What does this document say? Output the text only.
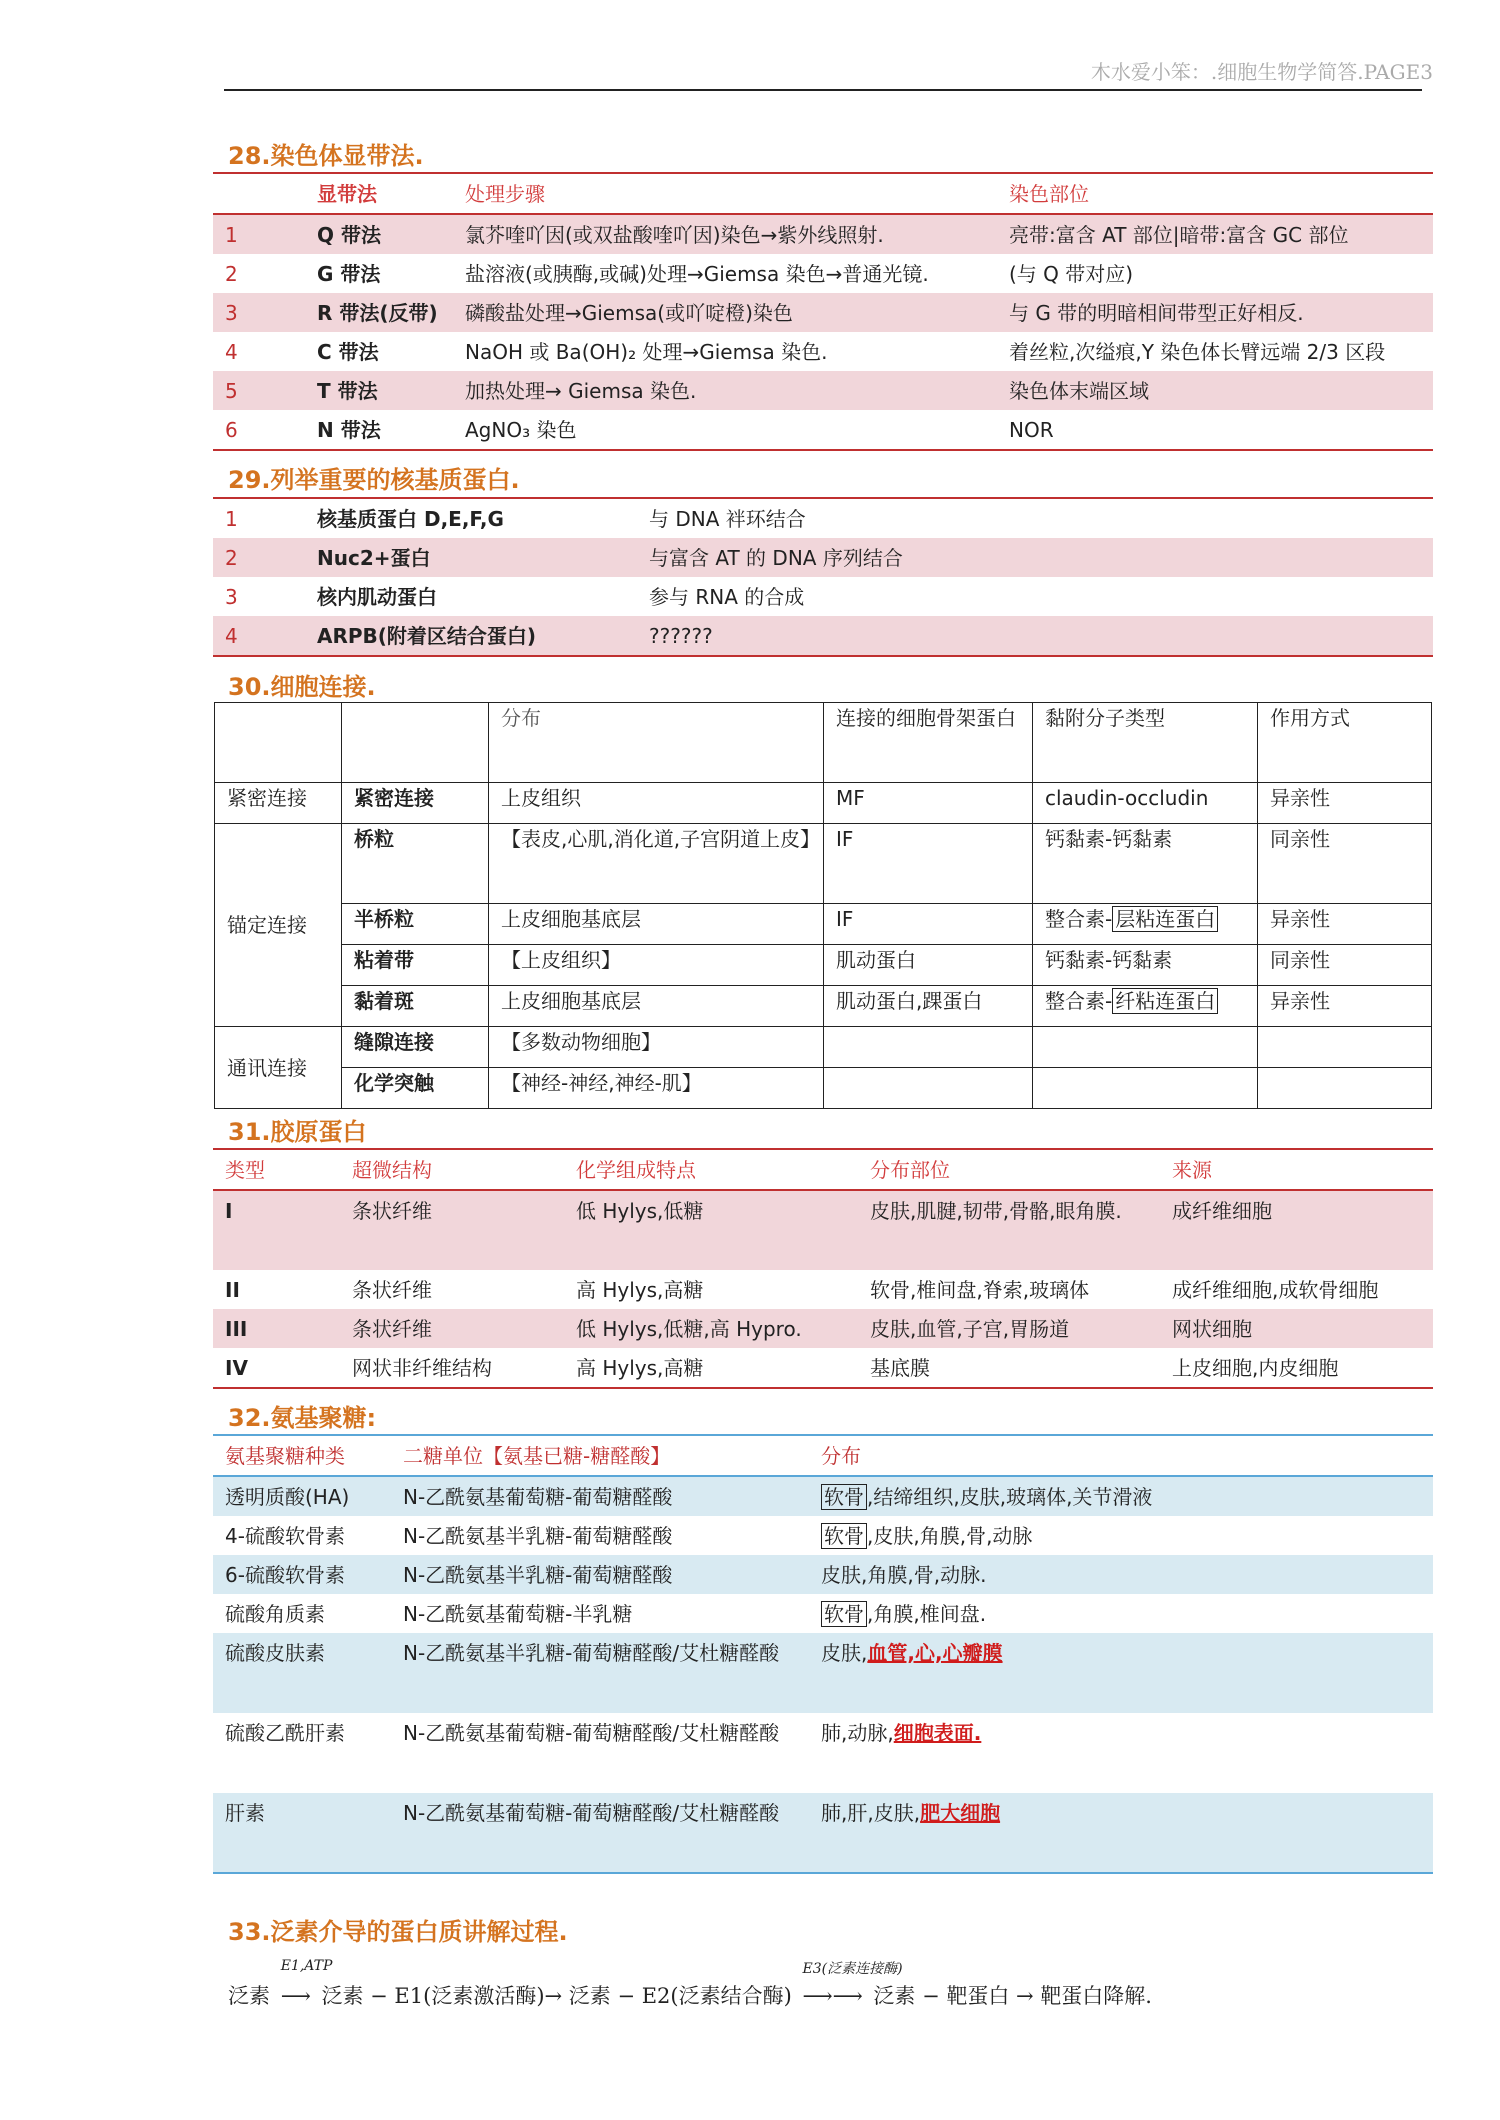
木水爱小笨：.细胞生物学简答.PAGE3
28.染色体显带法.
	显带法	处理步骤	染色部位
1	Q 带法	氯芥喹吖因(或双盐酸喹吖因)染色→紫外线照射.	亮带:富含 AT 部位|暗带:富含 GC 部位
2	G 带法	盐溶液(或胰酶,或碱)处理→Giemsa 染色→普通光镜.	(与 Q 带对应)
3	R 带法(反带)	磷酸盐处理→Giemsa(或吖啶橙)染色	与 G 带的明暗相间带型正好相反.
4	C 带法	NaOH 或 Ba(OH)₂ 处理→Giemsa 染色.	着丝粒,次缢痕,Y 染色体长臂远端 2/3 区段
5	T 带法	加热处理→ Giemsa 染色.	染色体末端区域
6	N 带法	AgNO₃ 染色	NOR
29.列举重要的核基质蛋白.
1	核基质蛋白 D,E,F,G	与 DNA 袢环结合
2	Nuc2+蛋白	与富含 AT 的 DNA 序列结合
3	核内肌动蛋白	参与 RNA 的合成
4	ARPB(附着区结合蛋白)	??????
30.细胞连接.
		分布	连接的细胞骨架蛋白	黏附分子类型	作用方式
紧密连接	紧密连接	上皮组织	MF	claudin-occludin	异亲性
锚定连接	桥粒	【表皮,心肌,消化道,子宫阴道上皮】	IF	钙黏素-钙黏素	同亲性
	半桥粒	上皮细胞基底层	IF	整合素- 层粘连蛋白	异亲性
	粘着带	【上皮组织】	肌动蛋白	钙黏素-钙黏素	同亲性
	黏着斑	上皮细胞基底层	肌动蛋白,踝蛋白	整合素- 纤粘连蛋白	异亲性
通讯连接	缝隙连接	【多数动物细胞】			
	化学突触	【神经-神经,神经-肌】			
31.胶原蛋白
类型	超微结构	化学组成特点	分布部位	来源
I	条状纤维	低 Hylys,低糖	皮肤,肌腱,韧带,骨骼,眼角膜.	成纤维细胞
II	条状纤维	高 Hylys,高糖	软骨,椎间盘,脊索,玻璃体	成纤维细胞,成软骨细胞
III	条状纤维	低 Hylys,低糖,高 Hypro.	皮肤,血管,子宫,胃肠道	网状细胞
IV	网状非纤维结构	高 Hylys,高糖	基底膜	上皮细胞,内皮细胞
32.氨基聚糖:
氨基聚糖种类	二糖单位【氨基已糖-糖醛酸】	分布
透明质酸(HA)	N-乙酰氨基葡萄糖-葡萄糖醛酸	软骨 ,结缔组织,皮肤,玻璃体,关节滑液
4-硫酸软骨素	N-乙酰氨基半乳糖-葡萄糖醛酸	软骨 ,皮肤,角膜,骨,动脉
6-硫酸软骨素	N-乙酰氨基半乳糖-葡萄糖醛酸	皮肤,角膜,骨,动脉.
硫酸角质素	N-乙酰氨基葡萄糖-半乳糖	软骨 ,角膜,椎间盘.
硫酸皮肤素	N-乙酰氨基半乳糖-葡萄糖醛酸/艾杜糖醛酸	皮肤,血管,心,心瓣膜
硫酸乙酰肝素	N-乙酰氨基葡萄糖-葡萄糖醛酸/艾杜糖醛酸	肺,动脉,细胞表面.
肝素	N-乙酰氨基葡萄糖-葡萄糖醛酸/艾杜糖醛酸	肺,肝,皮肤,肥大细胞
33.泛素介导的蛋白质讲解过程.
泛素
E1,ATP
⟶ 泛素 − E1(泛素激活酶)→ 泛素 − E2(泛素结合酶)
E3(泛素连接酶)
⟶⟶ 泛素 − 靶蛋白 → 靶蛋白降解.
